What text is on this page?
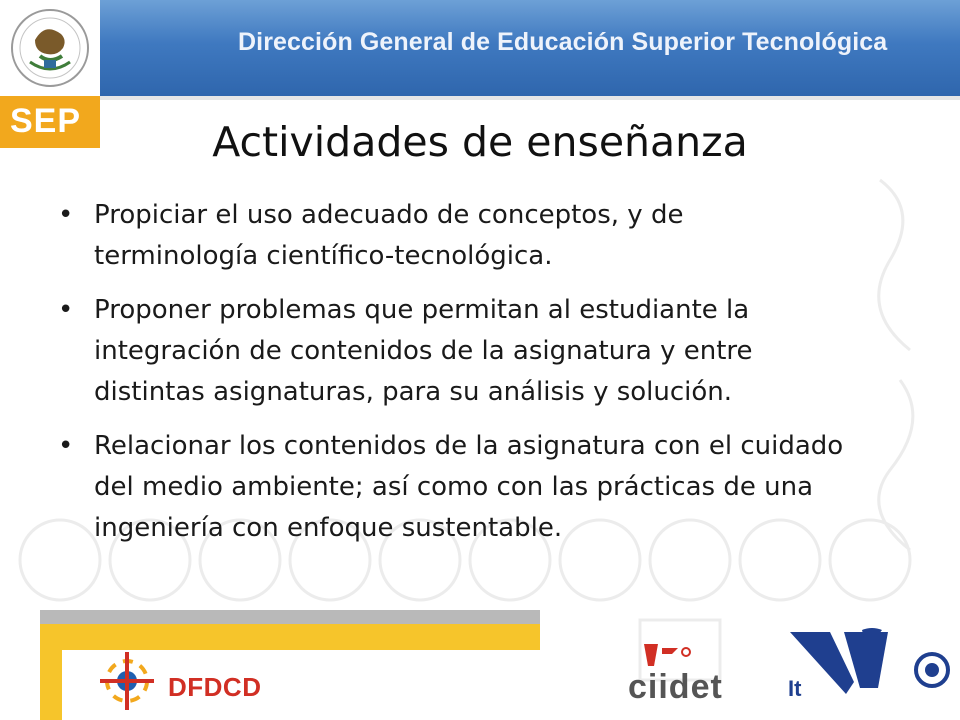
Dirección General de Educación Superior Tecnológica
SEP	Actividades de enseñanza
• Propiciar el uso adecuado de conceptos, y de terminología científico-tecnológica.
• Proponer problemas que permitan al estudiante la integración de contenidos de la asignatura y entre distintas asignaturas, para su análisis y solución.
• Relacionar los contenidos de la asignatura con el cuidado del medio ambiente; así como con las prácticas de una ingeniería con enfoque sustentable.
DFDCD	ciidet	It
